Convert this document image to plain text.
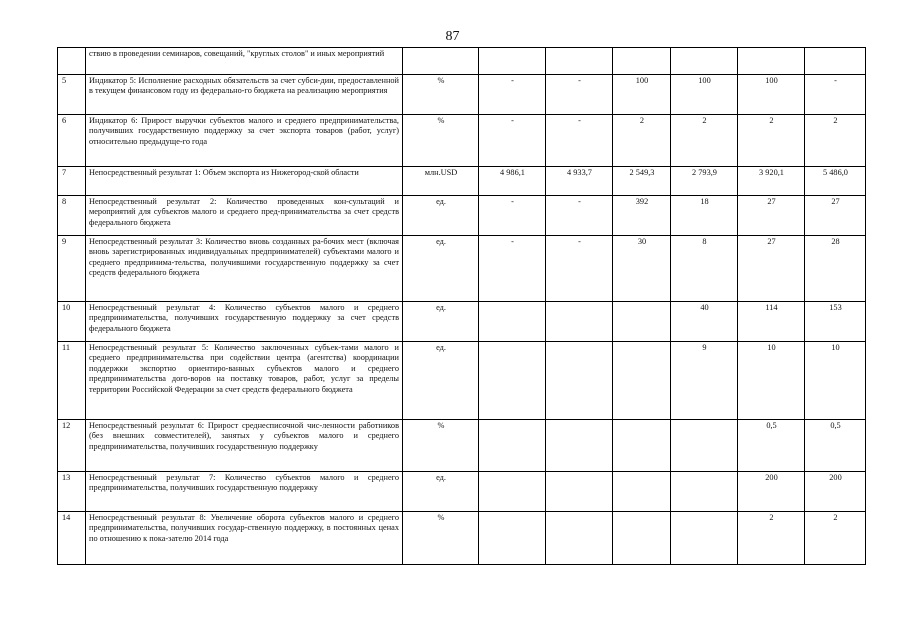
87
	ствию в проведении семинаров, совещаний, "круглых столов" и иных мероприятий							
5	Индикатор 5: Исполнение расходных обязательств за счет субси-дии, предоставленной в текущем финансовом году из федерально-го бюджета на реализацию мероприятия	%	-	-	100	100	100	-
6	Индикатор 6: Прирост выручки субъектов малого и среднего предпринимательства, получивших государственную поддержку за счет экспорта товаров (работ, услуг) относительно предыдуще-го года	%	-	-	2	2	2	2
7	Непосредственный результат 1: Объем экспорта из Нижегород-ской области	млн.USD	4 986,1	4 933,7	2 549,3	2 793,9	3 920,1	5 486,0
8	Непосредственный результат 2: Количество проведенных кон-сультаций и мероприятий для субъектов малого и среднего пред-принимательства за счет средств федерального бюджета	ед.	-	-	392	18	27	27
9	Непосредственный результат 3: Количество вновь созданных ра-бочих мест (включая вновь зарегистрированных индивидуальных предпринимателей) субъектами малого и среднего предпринима-тельства, получившими государственную поддержку за счет средств федерального бюджета	ед.	-	-	30	8	27	28
10	Непосредственный результат 4: Количество субъектов малого и среднего предпринимательства, получивших государственную поддержку за счет средств федерального бюджета	ед.				40	114	153
11	Непосредственный результат 5: Количество заключенных субъек-тами малого и среднего предпринимательства при содействии центра (агентства) координации поддержки экспортно ориентиро-ванных субъектов малого и среднего предпринимательства дого-воров на поставку товаров, работ, услуг за пределы территории Российской Федерации за счет средств федерального бюджета	ед.				9	10	10
12	Непосредственный результат 6: Прирост среднесписочной чис-ленности работников (без внешних совместителей), занятых у субъектов малого и среднего предпринимательства, получивших государственную поддержку	%					0,5	0,5
13	Непосредственный результат 7: Количество субъектов малого и среднего предпринимательства, получивших государственную поддержку	ед.					200	200
14	Непосредственный результат 8: Увеличение оборота субъектов малого и среднего предпринимательства, получивших государ-ственную поддержку, в постоянных ценах по отношению к пока-зателю 2014 года	%					2	2
